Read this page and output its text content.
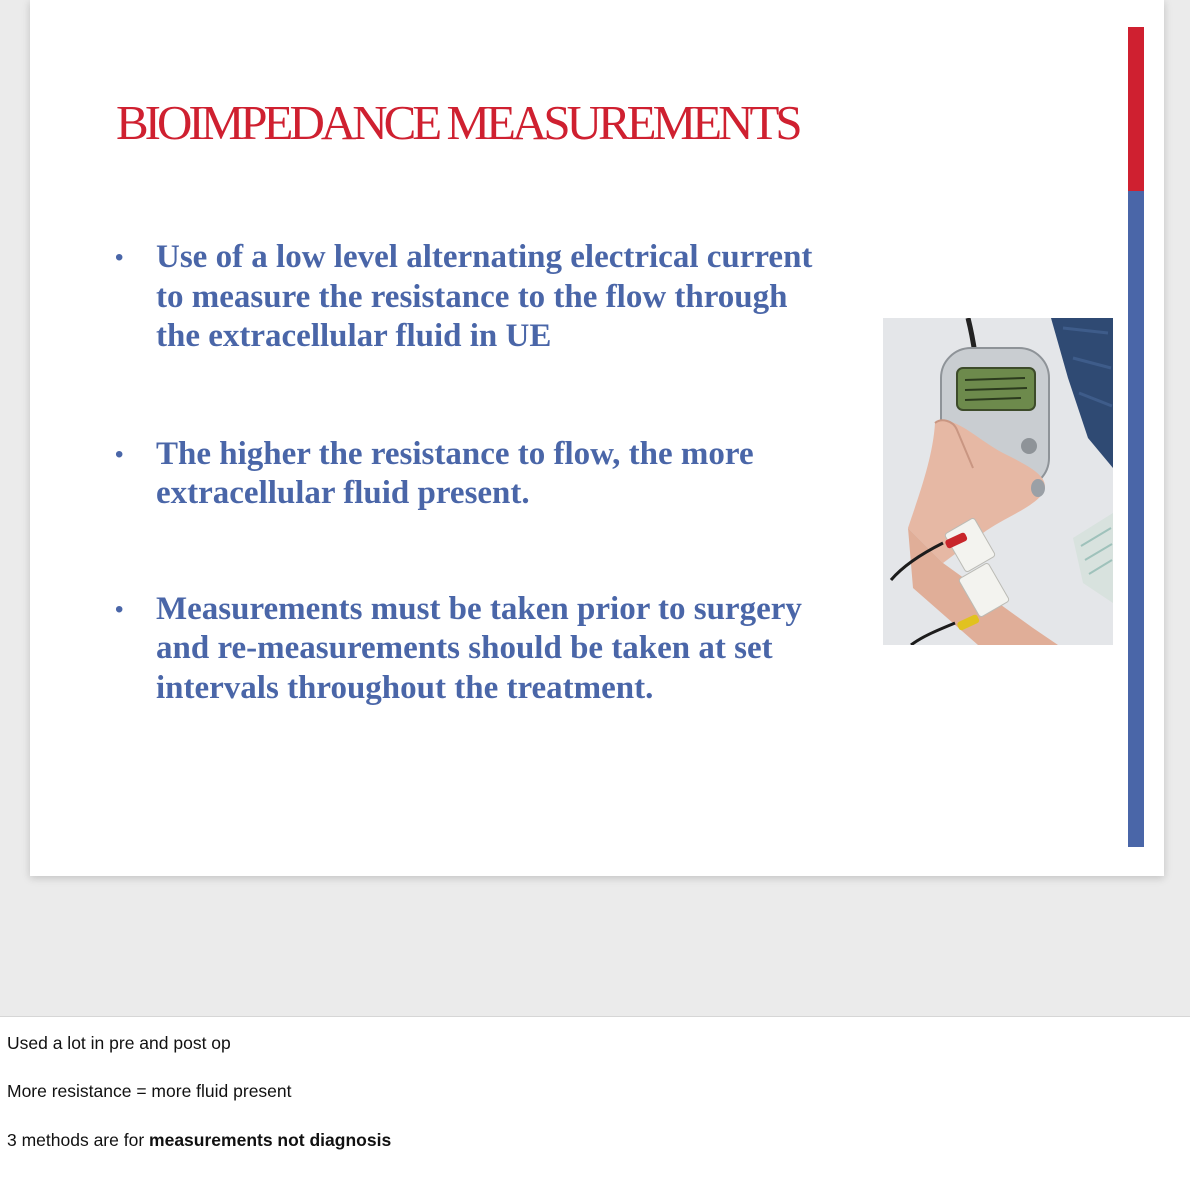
BIOIMPEDANCE MEASUREMENTS
• Use of a low level alternating electrical current to measure the resistance to the flow through the extracellular fluid in UE
• The higher the resistance to flow, the more extracellular fluid present.
• Measurements must be taken prior to surgery and re-measurements should be taken at set intervals throughout the treatment.

Used a lot in pre and post op

More resistance = more fluid present

3 methods are for measurements not diagnosis
